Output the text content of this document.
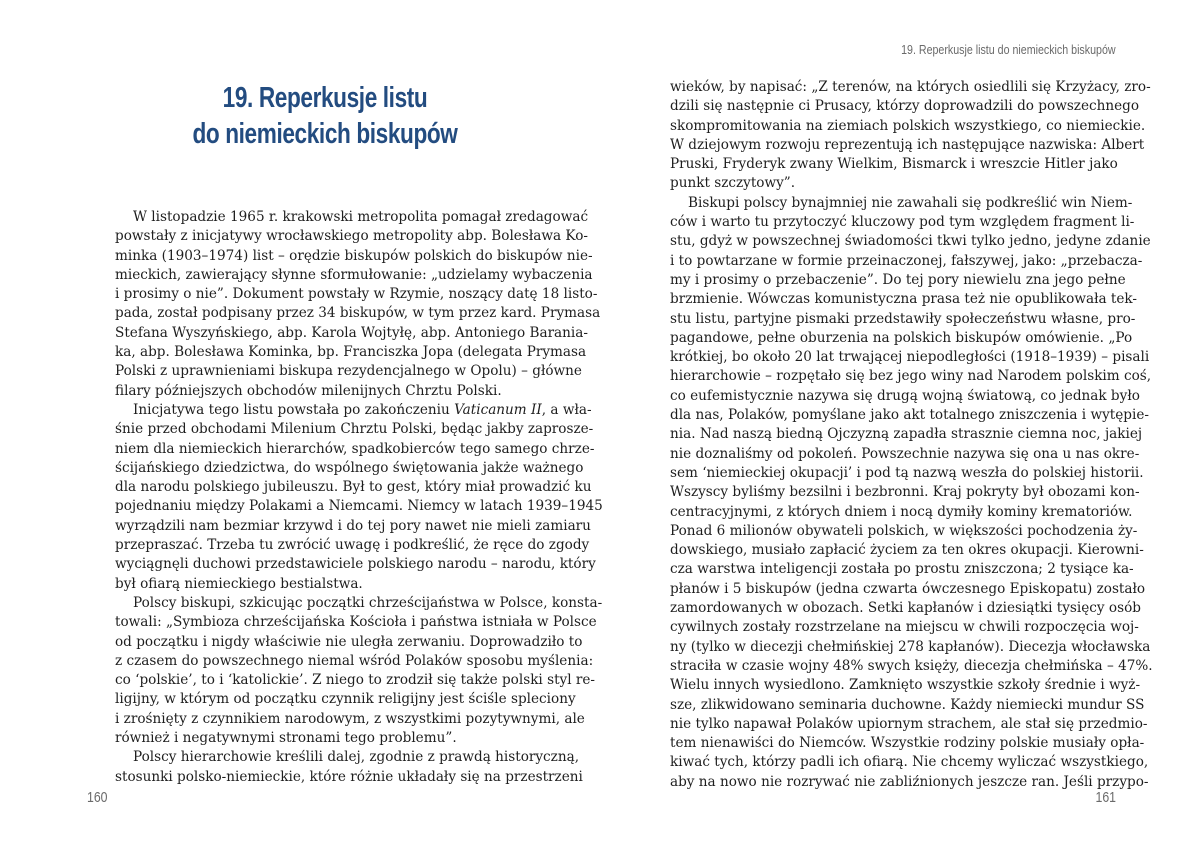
19. Reperkusje listu
do niemieckich biskupów

W listopadzie 1965 r. krakowski metropolita pomagał zredagować
powstały z inicjatywy wrocławskiego metropolity abp. Bolesława Ko-
minka (1903–1974) list – orędzie biskupów polskich do biskupów nie-
mieckich, zawierający słynne sformułowanie: „udzielamy wybaczenia
i prosimy o nie”. Dokument powstały w Rzymie, noszący datę 18 listo-
pada, został podpisany przez 34 biskupów, w tym przez kard. Prymasa
Stefana Wyszyńskiego, abp. Karola Wojtyłę, abp. Antoniego Barania-
ka, abp. Bolesława Kominka, bp. Franciszka Jopa (delegata Prymasa
Polski z uprawnieniami biskupa rezydencjalnego w Opolu) – główne
filary późniejszych obchodów milenijnych Chrztu Polski.

Inicjatywa tego listu powstała po zakończeniu Vaticanum II, a wła-
śnie przed obchodami Milenium Chrztu Polski, będąc jakby zaprosze-
niem dla niemieckich hierarchów, spadkobierców tego samego chrze-
ścijańskiego dziedzictwa, do wspólnego świętowania jakże ważnego
dla narodu polskiego jubileuszu. Był to gest, który miał prowadzić ku
pojednaniu między Polakami a Niemcami. Niemcy w latach 1939–1945
wyrządzili nam bezmiar krzywd i do tej pory nawet nie mieli zamiaru
przepraszać. Trzeba tu zwrócić uwagę i podkreślić, że ręce do zgody
wyciągnęli duchowi przedstawiciele polskiego narodu – narodu, który
był ofiarą niemieckiego bestialstwa.

Polscy biskupi, szkicując początki chrześcijaństwa w Polsce, konsta-
towali: „Symbioza chrześcijańska Kościoła i państwa istniała w Polsce
od początku i nigdy właściwie nie uległa zerwaniu. Doprowadziło to
z czasem do powszechnego niemal wśród Polaków sposobu myślenia:
co ‘polskie’, to i ‘katolickie’. Z niego to zrodził się także polski styl re-
ligijny, w którym od początku czynnik religijny jest ściśle spleciony
i zrośnięty z czynnikiem narodowym, z wszystkimi pozytywnymi, ale
również i negatywnymi stronami tego problemu”.

Polscy hierarchowie kreślili dalej, zgodnie z prawdą historyczną,
stosunki polsko-niemieckie, które różnie układały się na przestrzeni

160
19. Reperkusje listu do niemieckich biskupów

wieków, by napisać: „Z terenów, na których osiedlili się Krzyżacy, zro-
dzili się następnie ci Prusacy, którzy doprowadzili do powszechnego
skompromitowania na ziemiach polskich wszystkiego, co niemieckie.
W dziejowym rozwoju reprezentują ich następujące nazwiska: Albert
Pruski, Fryderyk zwany Wielkim, Bismarck i wreszcie Hitler jako
punkt szczytowy”.

Biskupi polscy bynajmniej nie zawahali się podkreślić win Niem-
ców i warto tu przytoczyć kluczowy pod tym względem fragment li-
stu, gdyż w powszechnej świadomości tkwi tylko jedno, jedyne zdanie
i to powtarzane w formie przeinaczonej, fałszywej, jako: „przebacza-
my i prosimy o przebaczenie”. Do tej pory niewielu zna jego pełne
brzmienie. Wówczas komunistyczna prasa też nie opublikowała tek-
stu listu, partyjne pismaki przedstawiły społeczeństwu własne, pro-
pagandowe, pełne oburzenia na polskich biskupów omówienie. „Po
krótkiej, bo około 20 lat trwającej niepodległości (1918–1939) – pisali
hierarchowie – rozpętało się bez jego winy nad Narodem polskim coś,
co eufemistycznie nazywa się drugą wojną światową, co jednak było
dla nas, Polaków, pomyślane jako akt totalnego zniszczenia i wytępie-
nia. Nad naszą biedną Ojczyzną zapadła strasznie ciemna noc, jakiej
nie doznaliśmy od pokoleń. Powszechnie nazywa się ona u nas okre-
sem ‘niemieckiej okupacji’ i pod tą nazwą weszła do polskiej historii.
Wszyscy byliśmy bezsilni i bezbronni. Kraj pokryty był obozami kon-
centracyjnymi, z których dniem i nocą dymiły kominy krematoriów.
Ponad 6 milionów obywateli polskich, w większości pochodzenia ży-
dowskiego, musiało zapłacić życiem za ten okres okupacji. Kierowni-
cza warstwa inteligencji została po prostu zniszczona; 2 tysiące ka-
płanów i 5 biskupów (jedna czwarta ówczesnego Episkopatu) zostało
zamordowanych w obozach. Setki kapłanów i dziesiątki tysięcy osób
cywilnych zostały rozstrzelane na miejscu w chwili rozpoczęcia woj-
ny (tylko w diecezji chełmińskiej 278 kapłanów). Diecezja włocławska
straciła w czasie wojny 48% swych księży, diecezja chełmińska – 47%.
Wielu innych wysiedlono. Zamknięto wszystkie szkoły średnie i wyż-
sze, zlikwidowano seminaria duchowne. Każdy niemiecki mundur SS
nie tylko napawał Polaków upiornym strachem, ale stał się przedmio-
tem nienawiści do Niemców. Wszystkie rodziny polskie musiały opła-
kiwać tych, którzy padli ich ofiarą. Nie chcemy wyliczać wszystkiego,
aby na nowo nie rozrywać nie zabliźnionych jeszcze ran. Jeśli przypo-

161
